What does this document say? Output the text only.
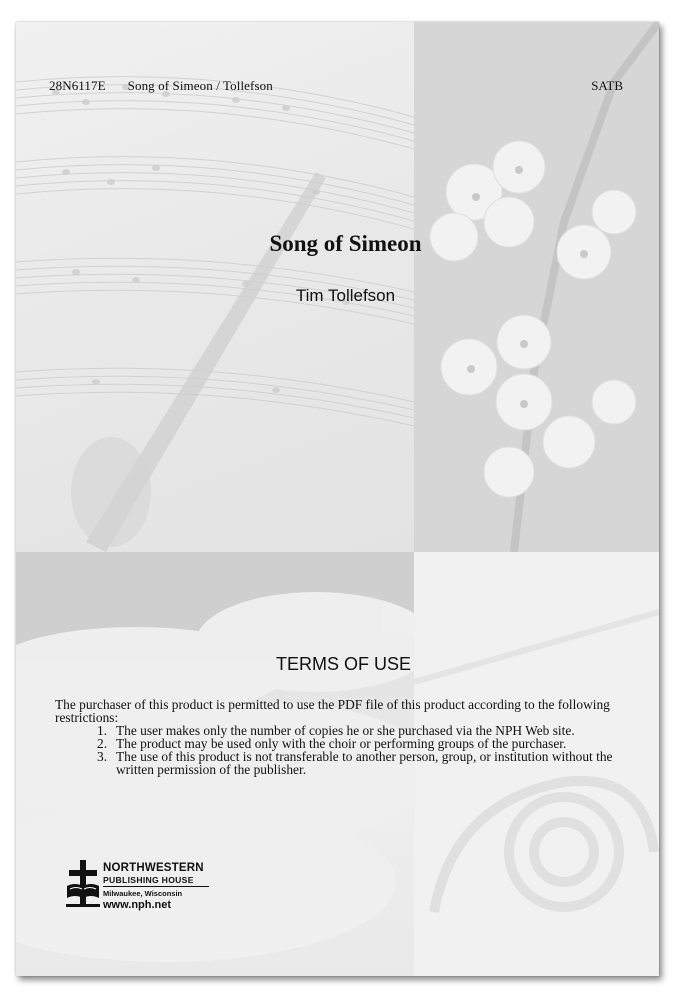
28N6117E Song of Simeon / Tollefson	SATB
Song of Simeon
Tim Tollefson
TERMS OF USE
The purchaser of this product is permitted to use the PDF file of this product according to the following restrictions:
1. The user makes only the number of copies he or she purchased via the NPH Web site.
2. The product may be used only with the choir or performing groups of the purchaser.
3. The use of this product is not transferable to another person, group, or institution without the written permission of the publisher.
NORTHWESTERN
PUBLISHING HOUSE
Milwaukee, Wisconsin
www.nph.net
